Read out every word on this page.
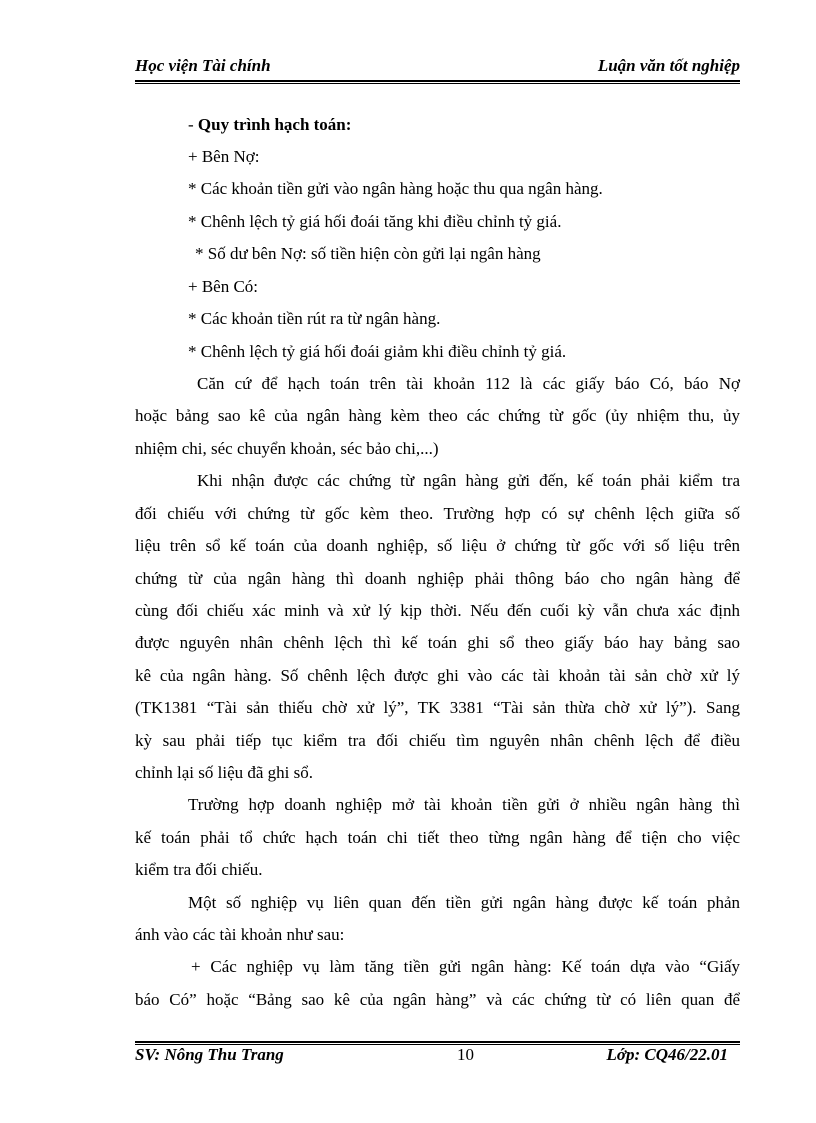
Học viện Tài chính	Luận văn tốt nghiệp
- Quy trình hạch toán:
+ Bên Nợ:
* Các khoản tiền gửi vào ngân hàng hoặc thu qua ngân hàng.
* Chênh lệch tỷ giá hối đoái tăng khi điều chỉnh tỷ giá.
* Số dư bên Nợ: số tiền hiện còn gửi lại ngân hàng
+ Bên Có:
* Các khoản tiền rút ra từ ngân hàng.
* Chênh lệch tỷ giá hối đoái giảm khi điều chỉnh tỷ giá.
Căn cứ để hạch toán trên tài khoản 112 là các giấy báo Có, báo Nợ
hoặc bảng sao kê của ngân hàng kèm theo các chứng từ gốc (ủy nhiệm thu, ủy
nhiệm chi, séc chuyển khoản, séc bảo chi,...)
Khi nhận được các chứng từ ngân hàng gửi đến, kế toán phải kiểm tra
đối chiếu với chứng từ gốc kèm theo. Trường hợp có sự chênh lệch giữa số
liệu trên sổ kế toán của doanh nghiệp, số liệu ở chứng từ gốc với số liệu trên
chứng từ của ngân hàng thì doanh nghiệp phải thông báo cho ngân hàng để
cùng đối chiếu xác minh và xử lý kịp thời. Nếu đến cuối kỳ vẫn chưa xác định
được nguyên nhân chênh lệch thì kế toán ghi sổ theo giấy báo hay bảng sao
kê của ngân hàng. Số chênh lệch được ghi vào các tài khoản tài sản chờ xử lý
(TK1381 “Tài sản thiếu chờ xử lý”, TK 3381 “Tài sản thừa chờ xử lý”). Sang
kỳ sau phải tiếp tục kiểm tra đối chiếu tìm nguyên nhân chênh lệch để điều
chỉnh lại số liệu đã ghi sổ.
Trường hợp doanh nghiệp mở tài khoản tiền gửi ở nhiều ngân hàng thì
kế toán phải tổ chức hạch toán chi tiết theo từng ngân hàng để tiện cho việc
kiểm tra đối chiếu.
Một số nghiệp vụ liên quan đến tiền gửi ngân hàng được kế toán phản
ánh vào các tài khoản như sau:
+ Các nghiệp vụ làm tăng tiền gửi ngân hàng: Kế toán dựa vào “Giấy
báo Có” hoặc “Bảng sao kê của ngân hàng” và các chứng từ có liên quan để
SV: Nông Thu Trang	10	Lớp: CQ46/22.01
